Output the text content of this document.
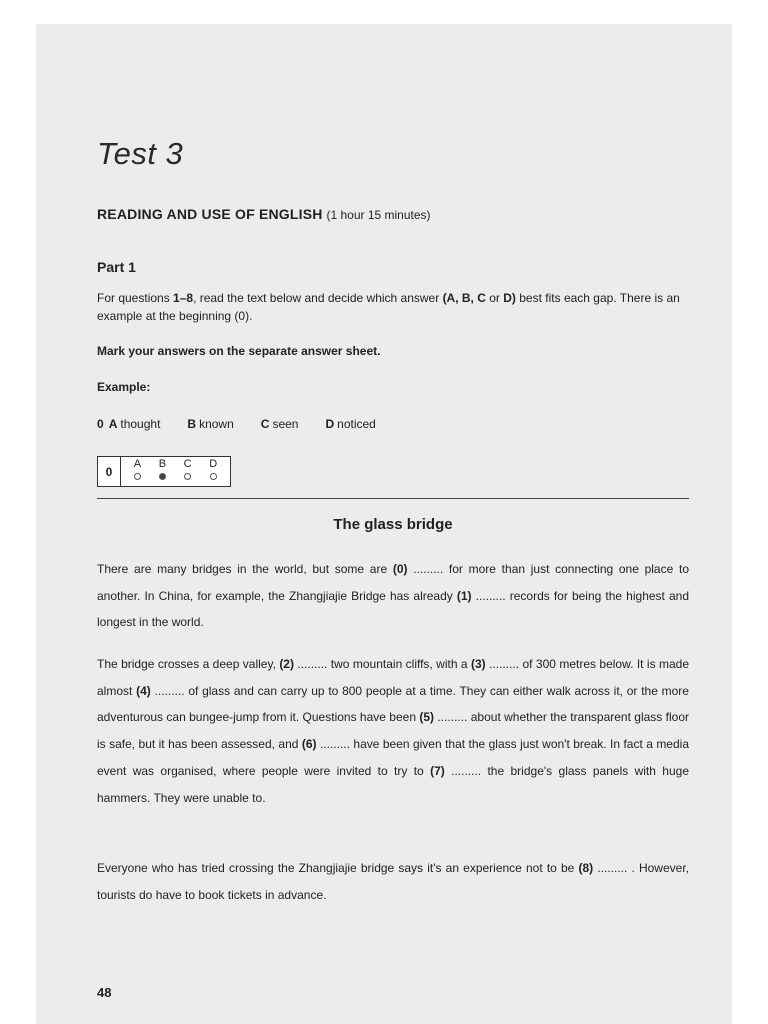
Test 3
READING AND USE OF ENGLISH (1 hour 15 minutes)
Part 1
For questions 1–8, read the text below and decide which answer (A, B, C or D) best fits each gap. There is an example at the beginning (0).
Mark your answers on the separate answer sheet.
Example:
0 A thought B known C seen D noticed
0
A B C D
The glass bridge
There are many bridges in the world, but some are (0) ......... for more than just connecting one place to another. In China, for example, the Zhangjiajie Bridge has already (1) ......... records for being the highest and longest in the world.
The bridge crosses a deep valley, (2) ......... two mountain cliffs, with a (3) ......... of 300 metres below. It is made almost (4) ......... of glass and can carry up to 800 people at a time. They can either walk across it, or the more adventurous can bungee-jump from it. Questions have been (5) ......... about whether the transparent glass floor is safe, but it has been assessed, and (6) ......... have been given that the glass just won't break. In fact a media event was organised, where people were invited to try to (7) ......... the bridge's glass panels with huge hammers. They were unable to.
Everyone who has tried crossing the Zhangjiajie bridge says it's an experience not to be (8) ......... . However, tourists do have to book tickets in advance.
48
